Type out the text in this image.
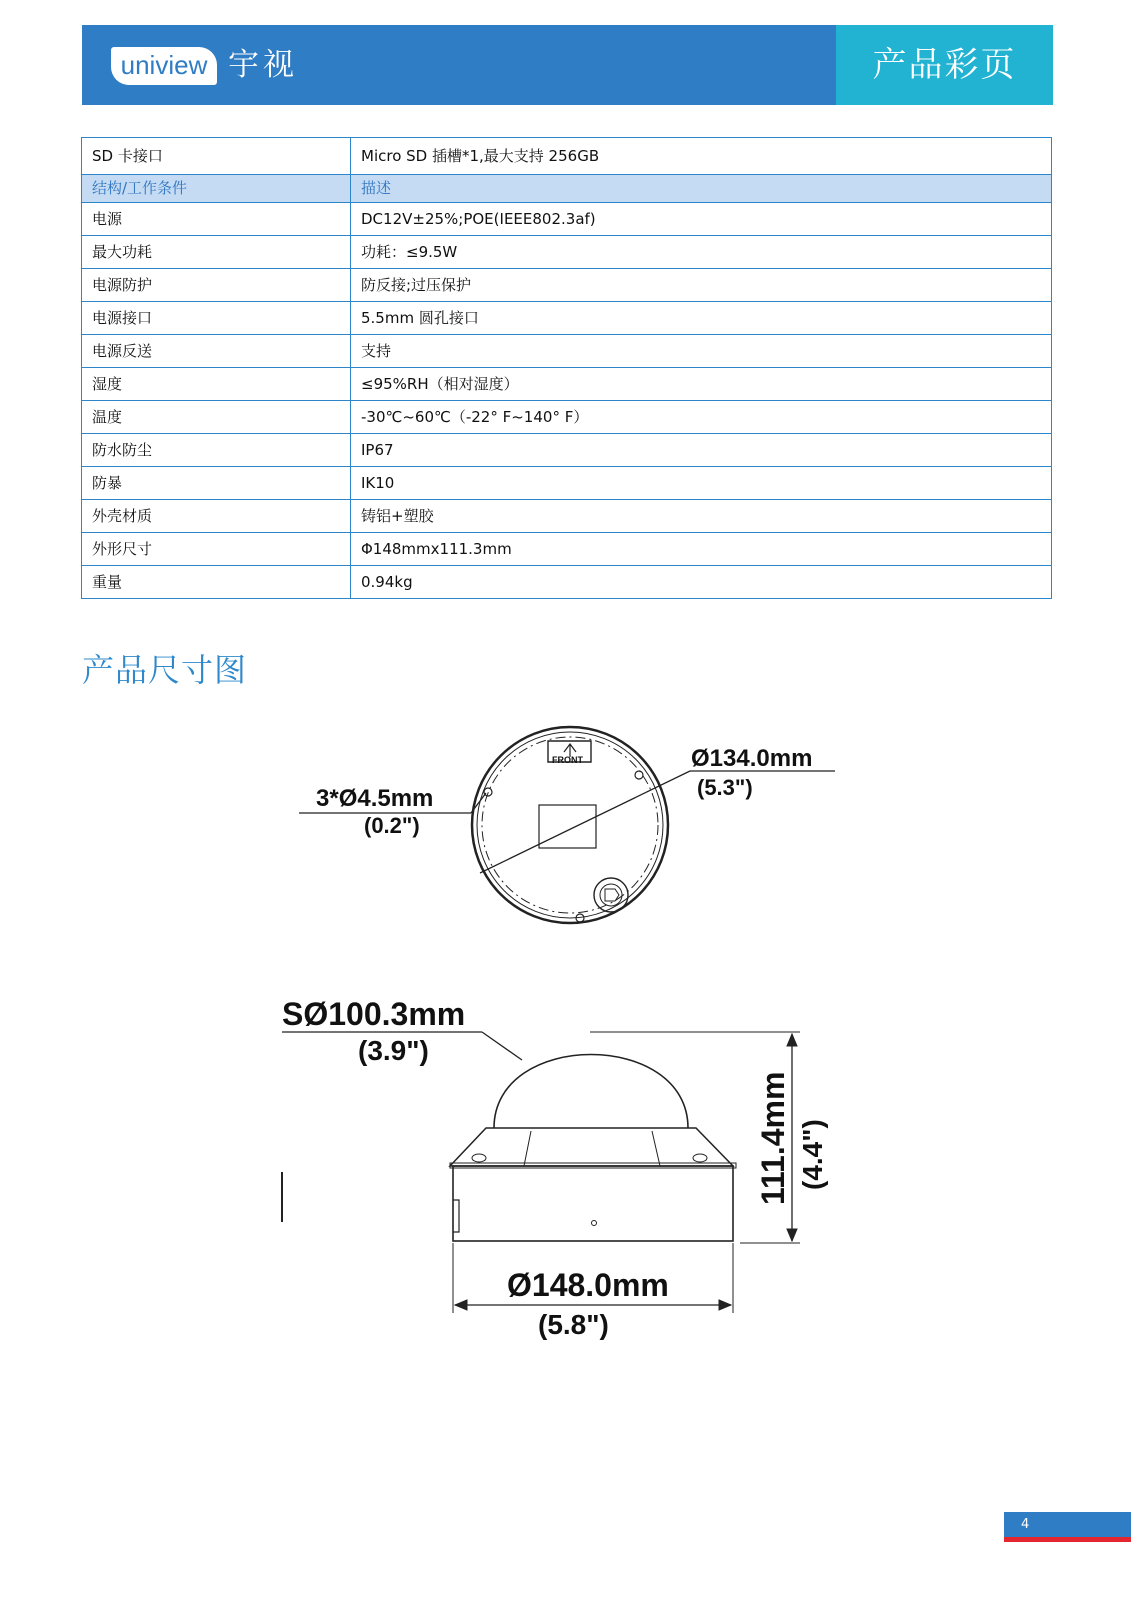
uniview 宇视	产品彩页
SD 卡接口	Micro SD 插槽*1,最大支持 256GB
结构/工作条件	描述
电源	DC12V±25%;POE(IEEE802.3af)
最大功耗	功耗：≤9.5W
电源防护	防反接;过压保护
电源接口	5.5mm 圆孔接口
电源反送	支持
湿度	≤95%RH（相对湿度）
温度	-30℃~60℃（-22° F~140° F）
防水防尘	IP67
防暴	IK10
外壳材质	铸铝+塑胶
外形尺寸	Φ148mmx111.3mm
重量	0.94kg
产品尺寸图
FRONT
3*Ø4.5mm
(0.2")
Ø134.0mm
(5.3")
SØ100.3mm
(3.9")
111.4mm (4.4")
Ø148.0mm
(5.8")
4
